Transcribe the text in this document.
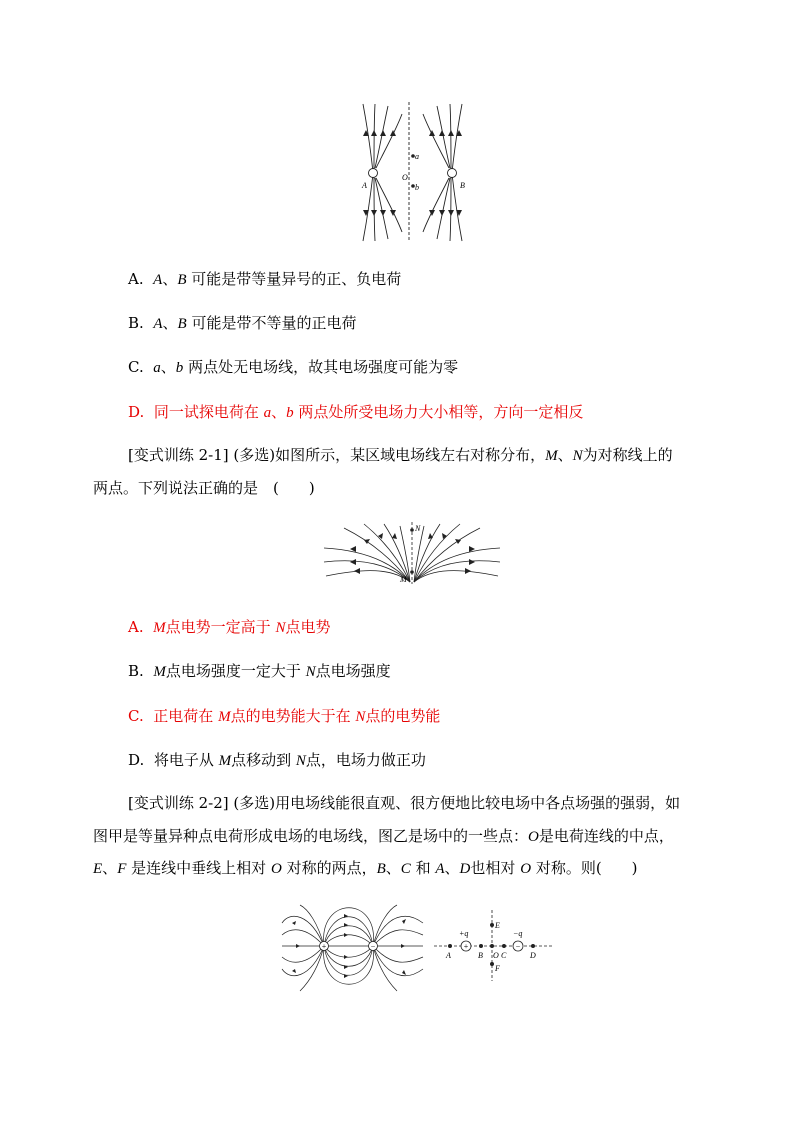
a
O
b
A	B
A. A、B 可能是带等量异号的正、负电荷
B. A、B 可能是带不等量的正电荷
C. a、b 两点处无电场线，故其电场强度可能为零
D. 同一试探电荷在 a、b 两点处所受电场力大小相等，方向一定相反
[变式训练 2-1] (多选)如图所示，某区域电场线左右对称分布，M、N为对称线上的
两点。下列说法正确的是　(　　)
N
M
A. M点电势一定高于 N点电势
B. M点电场强度一定大于 N点电场强度
C. 正电荷在 M点的电势能大于在 N点的电势能
D. 将电子从 M点移动到 N点，电场力做正功
[变式训练 2-2] (多选)用电场线能很直观、很方便地比较电场中各点场强的强弱，如
图甲是等量异种点电荷形成电场的电场线，图乙是场中的一些点：O是电荷连线的中点，
E、F 是连线中垂线上相对 O 对称的两点，B、C 和 A、D也相对 O 对称。则(　　)
+	−	+	−
E
+q	−q
A	B O C	D
F
